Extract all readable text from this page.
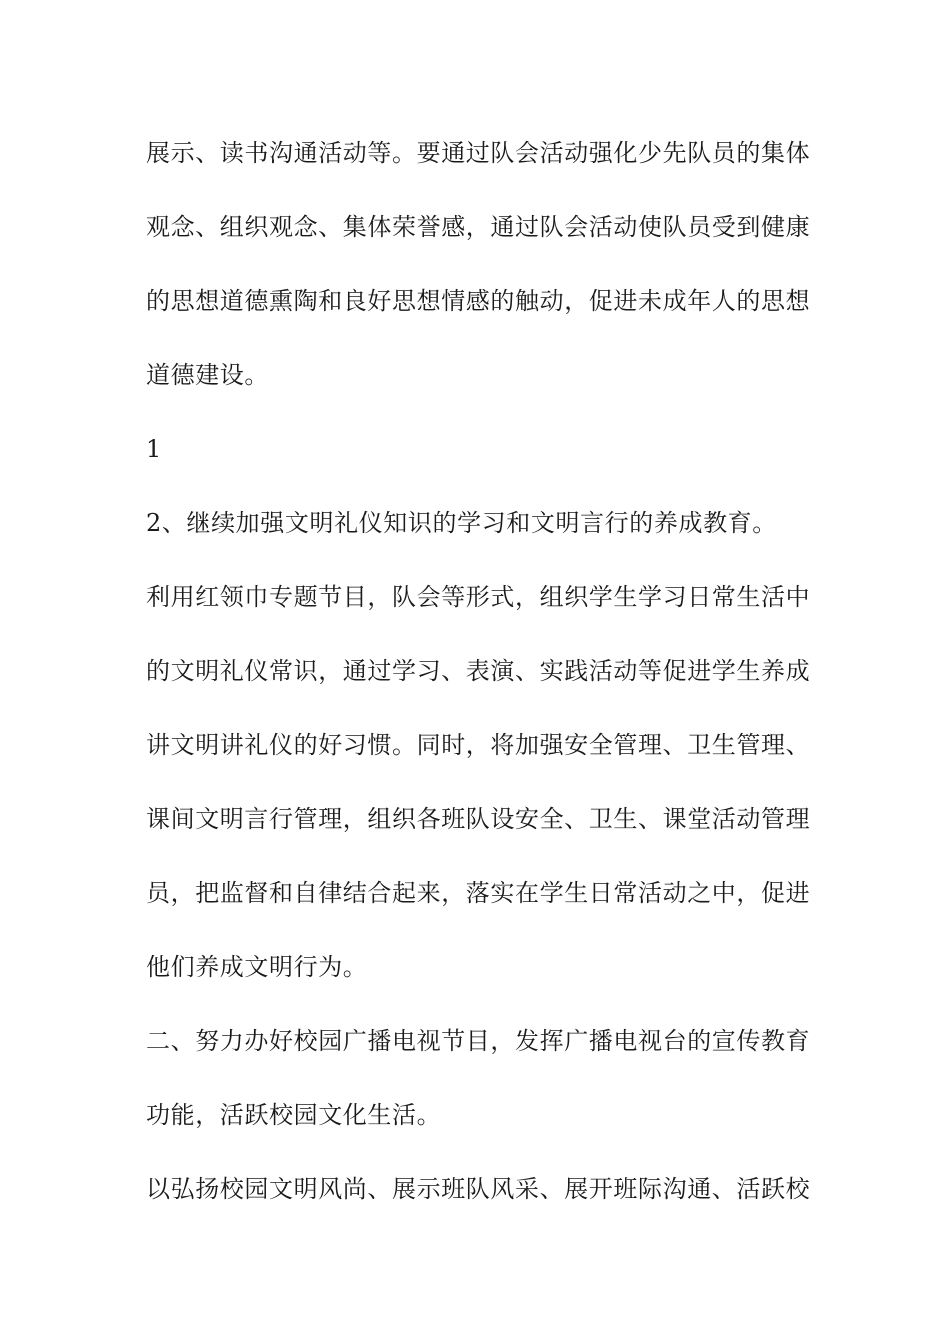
展示、读书沟通活动等。要通过队会活动强化少先队员的集体
观念、组织观念、集体荣誉感，通过队会活动使队员受到健康
的思想道德熏陶和良好思想情感的触动，促进未成年人的思想
道德建设。
1
2、继续加强文明礼仪知识的学习和文明言行的养成教育。
利用红领巾专题节目，队会等形式，组织学生学习日常生活中
的文明礼仪常识，通过学习、表演、实践活动等促进学生养成
讲文明讲礼仪的好习惯。同时，将加强安全管理、卫生管理、
课间文明言行管理，组织各班队设安全、卫生、课堂活动管理
员，把监督和自律结合起来，落实在学生日常活动之中，促进
他们养成文明行为。
二、努力办好校园广播电视节目，发挥广播电视台的宣传教育
功能，活跃校园文化生活。
以弘扬校园文明风尚、展示班队风采、展开班际沟通、活跃校
